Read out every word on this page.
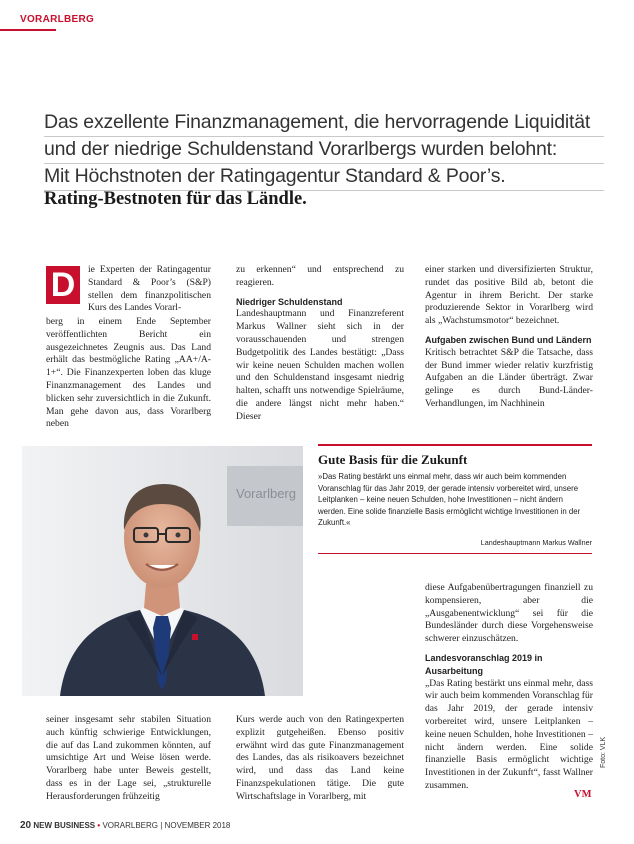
VORARLBERG
Das exzellente Finanzmanagement, die hervorragende Liquidität
und der niedrige Schuldenstand Vorarlbergs wurden belohnt:
Mit Höchstnoten der Ratingagentur Standard & Poor’s.
Rating-Bestnoten für das Ländle.
D	ie Experten der Ratingagentur Standard & Poor’s (S&P) stellen dem finanzpolitischen Kurs des Landes Vorarl-

berg in einem Ende September veröffentlichten Bericht ein ausgezeichnetes Zeugnis aus. Das Land erhält das bestmögliche Rating „AA+/A-1+“. Die Finanzexperten loben das kluge Finanzmanagement des Landes und blicken sehr zuversichtlich in die Zukunft. Man gehe davon aus, dass Vorarlberg neben

zu erkennen“ und entsprechend zu reagieren.

Niedriger Schuldenstand

Landeshauptmann und Finanzreferent Markus Wallner sieht sich in der vorausschauenden und strengen Budgetpolitik des Landes bestätigt: „Dass wir keine neuen Schulden machen wollen und den Schuldenstand insgesamt niedrig halten, schafft uns notwendige Spielräume, die andere längst nicht mehr haben.“ Dieser

einer starken und diversifizierten Struktur, rundet das positive Bild ab, betont die Agentur in ihrem Bericht. Der starke produzierende Sektor in Vorarlberg wird als „Wachstumsmotor“ bezeichnet.

Aufgaben zwischen Bund und Ländern

Kritisch betrachtet S&P die Tatsache, dass der Bund immer wieder relativ kurzfristig Aufgaben an die Länder überträgt. Zwar gelinge es durch Bund-Länder-Verhandlungen, im Nachhinein

Vorarlberg
Gute Basis für die Zukunft
»Das Rating bestärkt uns einmal mehr, dass wir auch beim kommenden Voranschlag für das Jahr 2019, der gerade intensiv vorbereitet wird, unsere Leitplanken – keine neuen Schulden, hohe Investitionen – nicht ändern werden. Eine solide finanzielle Basis ermöglicht wichtige Investitionen in der Zukunft.«
Landeshauptmann Markus Wallner

diese Aufgabenübertragungen finanziell zu kompensieren, aber die „Ausgabenentwicklung“ sei für die Bundesländer durch diese Vorgehensweise schwerer einzuschätzen.

Landesvoranschlag 2019 in Ausarbeitung

„Das Rating bestärkt uns einmal mehr, dass wir auch beim kommenden Voranschlag für das Jahr 2019, der gerade intensiv vorbereitet wird, unsere Leitplanken – keine neuen Schulden, hohe Investitionen – nicht ändern werden. Eine solide finanzielle Basis ermöglicht wichtige Investitionen in der Zukunft“, fasst Wallner zusammen.

seiner insgesamt sehr stabilen Situation auch künftig schwierige Entwicklungen, die auf das Land zukommen könnten, auf umsichtige Art und Weise lösen werde. Vorarlberg habe unter Beweis gestellt, dass es in der Lage sei, „strukturelle Herausforderungen frühzeitig

Kurs werde auch von den Ratingexperten explizit gutgeheißen. Ebenso positiv erwähnt wird das gute Finanzmanagement des Landes, das als risikoavers bezeichnet wird, und dass das Land keine Finanzspekulationen tätige. Die gute Wirtschaftslage in Vorarlberg, mit	VM
Foto: VLK
20 NEW BUSINESS • VORARLBERG | NOVEMBER 2018
